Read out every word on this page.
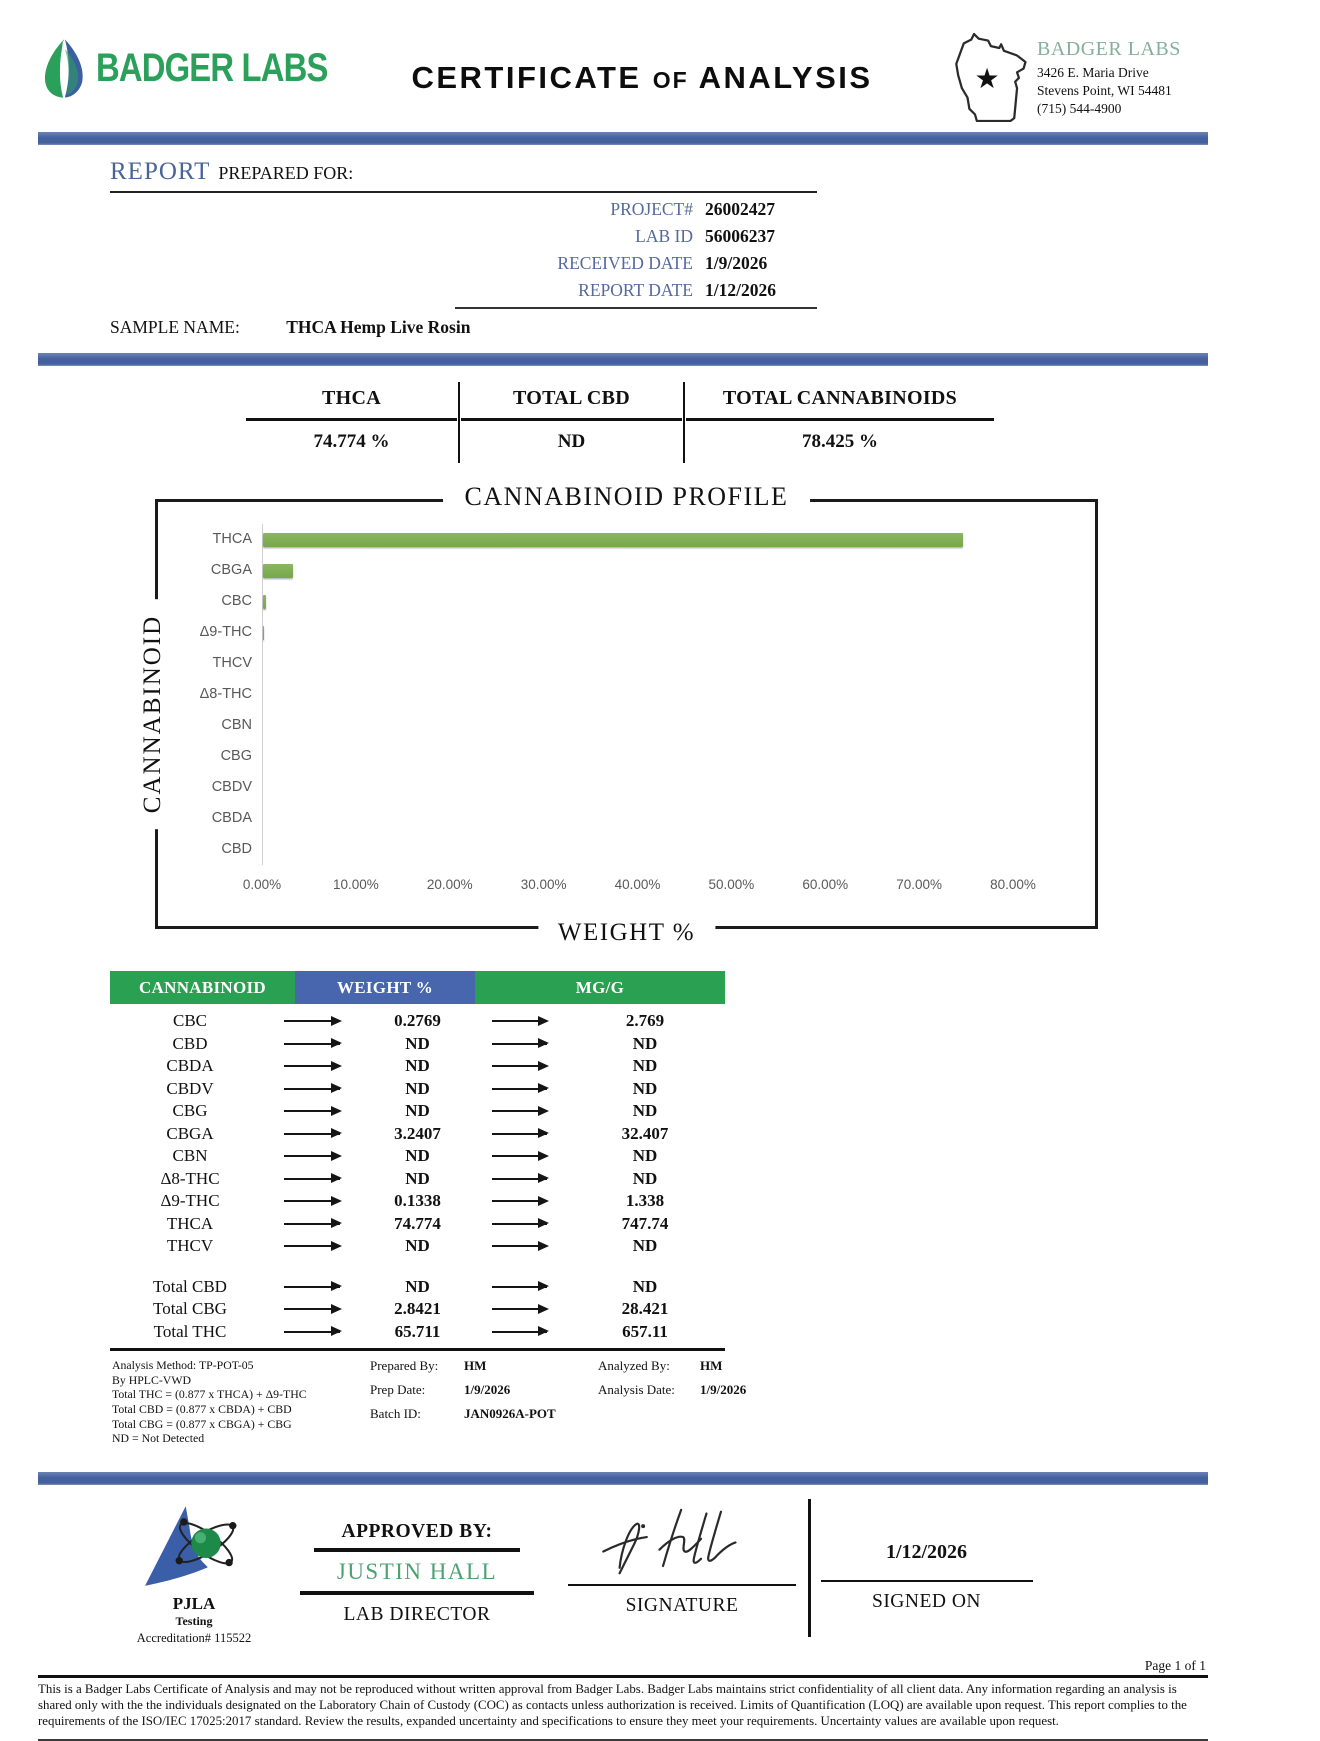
BADGER LABS	CERTIFICATE OF ANALYSIS	★
BADGER LABS
3426 E. Maria Drive
Stevens Point, WI 54481
(715) 544-4900
REPORT PREPARED FOR:
PROJECT# 26002427
LAB ID 56006237
RECEIVED DATE 1/9/2026
REPORT DATE 1/12/2026
SAMPLE NAME:	THCA Hemp Live Rosin
THCA
74.774 %
TOTAL CBD
ND
TOTAL CANNABINOIDS
78.425 %
CANNABINOID PROFILE
CANNABINOID
THCA
CBGA
CBC
Δ9-THC
THCV
Δ8-THC
CBN
CBG
CBDV
CBDA
CBD
0.00%	10.00%	20.00%	30.00%	40.00%	50.00%	60.00%	70.00%	80.00%
WEIGHT %
CANNABINOID	WEIGHT %	MG/G
CBC	0.2769	2.769
CBD	ND	ND
CBDA	ND	ND
CBDV	ND	ND
CBG	ND	ND
CBGA	3.2407	32.407
CBN	ND	ND
Δ8-THC	ND	ND
Δ9-THC	0.1338	1.338
THCA	74.774	747.74
THCV	ND	ND
Total CBD	ND	ND
Total CBG	2.8421	28.421
Total THC	65.711	657.11
Analysis Method: TP-POT-05
By HPLC-VWD
Total THC = (0.877 x THCA) + Δ9-THC
Total CBD = (0.877 x CBDA) + CBD
Total CBG = (0.877 x CBGA) + CBG
ND = Not Detected
Prepared By:	HM
Prep Date:	1/9/2026
Batch ID:	JAN0926A-POT
Analyzed By:	HM
Analysis Date:	1/9/2026
PJLA
Testing
Accreditation# 115522
APPROVED BY:
JUSTIN HALL
LAB DIRECTOR	SIGNATURE
1/12/2026
SIGNED ON
Page 1 of 1
This is a Badger Labs Certificate of Analysis and may not be reproduced without written approval from Badger Labs. Badger Labs maintains strict confidentiality of all client data. Any information regarding an analysis is shared only with the the individuals designated on the Laboratory Chain of Custody (COC) as contacts unless authorization is received. Limits of Quantification (LOQ) are available upon request. This report complies to the requirements of the ISO/IEC 17025:2017 standard. Review the results, expanded uncertainty and specifications to ensure they meet your requirements. Uncertainty values are available upon request.
